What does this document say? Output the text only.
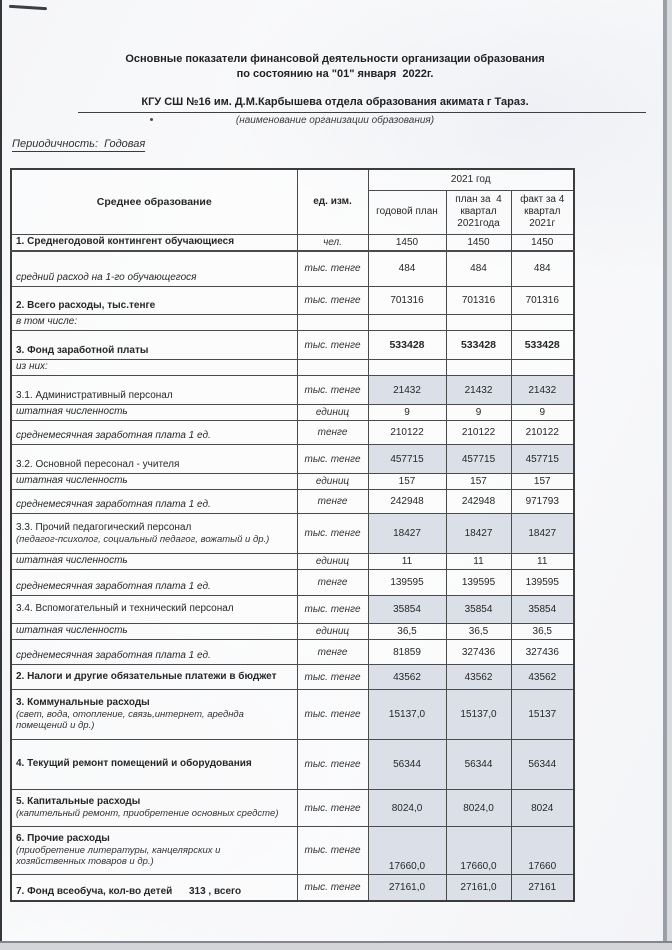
Основные показатели финансовой деятельности организации образования
по состоянию на "01" января  2022г.
КГУ СШ №16 им. Д.М.Карбышева отдела образования акимата г Тараз.
(наименование организации образования)
Периодичность:  Годовая
Среднее образование	ед. изм.	2021 год		
		годовой план	план за  4 квартал 2021года	факт за 4 квартал 2021г

1. Среднегодовой контингент обучающиеся	чел.	1450	1450	1450

средний расход на 1-го обучающегося	тыс. тенге	484	484	484

2. Всего расходы, тыс.тенге	тыс. тенге	701316	701316	701316

в том числе:				

3. Фонд заработной платы	тыс. тенге	533428	533428	533428

из них:				

3.1. Административный персонал	тыс. тенге	21432	21432	21432

штатная численность	единиц	9	9	9

среднемесячная заработная плата 1 ед.	тенге	210122	210122	210122

3.2. Основной пересонал - учителя	тыс. тенге	457715	457715	457715

штатная численность	единиц	157	157	157

среднемесячная заработная плата 1 ед.	тенге	242948	242948	971793

3.3. Прочий педагогический персонал
(педагог-психолог, социальный педагог, вожатый и др.)	тыс. тенге	18427	18427	18427

штатная численность	единиц	11	11	11

среднемесячная заработная плата 1 ед.	тенге	139595	139595	139595

3.4. Вспомогательный и технический персонал	тыс. тенге	35854	35854	35854

штатная численность	единиц	36,5	36,5	36,5

среднемесячная заработная плата 1 ед.	тенге	81859	327436	327436

2. Налоги и другие обязательные платежи в бюджет	тыс. тенге	43562	43562	43562

3. Коммунальные расходы
(свет, вода, отопление, связь,интернет, ареднда помещений и др.)	тыс. тенге	15137,0	15137,0	15137

4. Текущий ремонт помещений и оборудования	тыс. тенге	56344	56344	56344

5. Капитальные расходы
(капительный ремонт, приобретение основных средсте)	тыс. тенге	8024,0	8024,0	8024

6. Прочие расходы
(приобретение литературы, канцелярских и хозяйственных товаров и др.)	тыс. тенге	17660,0	17660,0	17660

7. Фонд всеобуча, кол-во детей      313 , всего	тыс. тенге	27161,0	27161,0	27161
